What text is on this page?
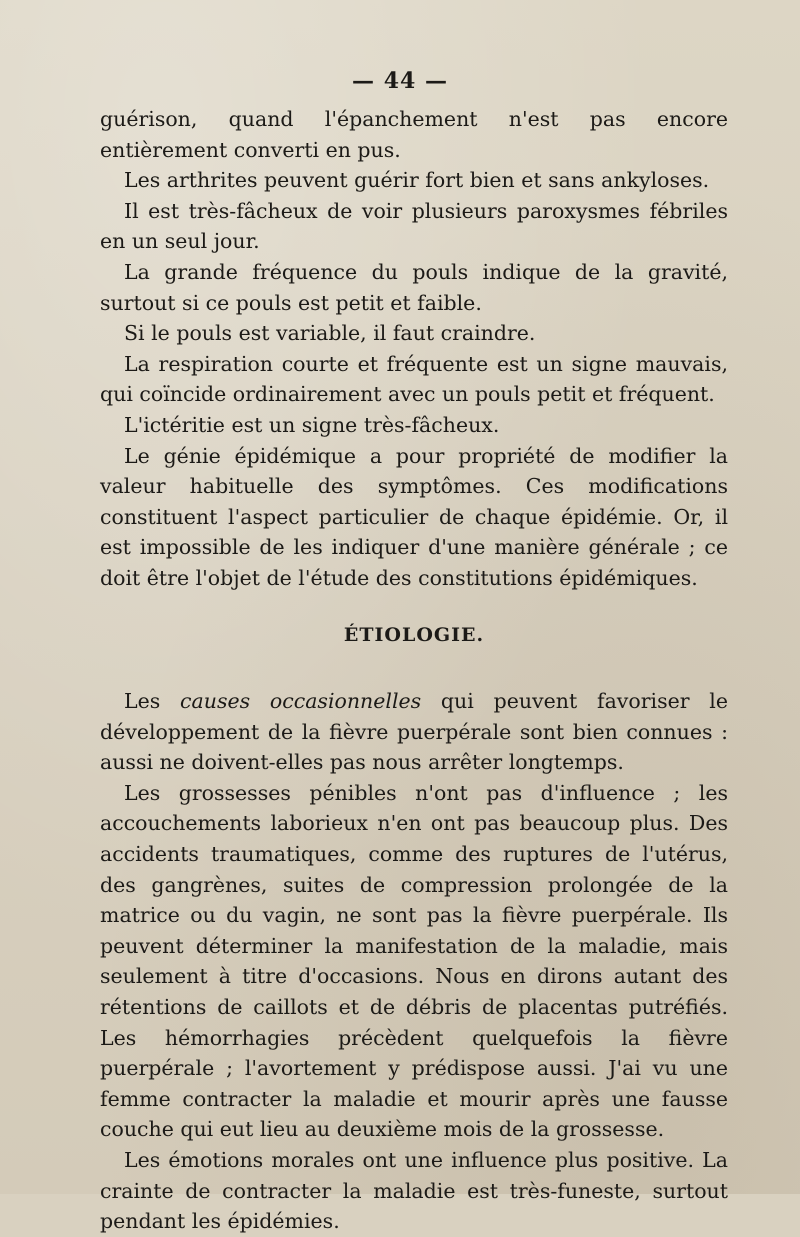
— 44 —

guérison, quand l'épanchement n'est pas encore entièrement converti en pus.

Les arthrites peuvent guérir fort bien et sans ankyloses.

Il est très-fâcheux de voir plusieurs paroxysmes fébriles en un seul jour.

La grande fréquence du pouls indique de la gravité, surtout si ce pouls est petit et faible.

Si le pouls est variable, il faut craindre.

La respiration courte et fréquente est un signe mauvais, qui coïncide ordinairement avec un pouls petit et fréquent.

L'ictéritie est un signe très-fâcheux.

Le génie épidémique a pour propriété de modifier la valeur habituelle des symptômes. Ces modifications constituent l'aspect particulier de chaque épidémie. Or, il est impossible de les indiquer d'une manière générale ; ce doit être l'objet de l'étude des constitutions épidémiques.

ÉTIOLOGIE.

Les causes occasionnelles qui peuvent favoriser le développement de la fièvre puerpérale sont bien connues : aussi ne doivent-elles pas nous arrêter longtemps.

Les grossesses pénibles n'ont pas d'influence ; les accouchements laborieux n'en ont pas beaucoup plus. Des accidents traumatiques, comme des ruptures de l'utérus, des gangrènes, suites de compression prolongée de la matrice ou du vagin, ne sont pas la fièvre puerpérale. Ils peuvent déterminer la manifestation de la maladie, mais seulement à titre d'occasions. Nous en dirons autant des rétentions de caillots et de débris de placentas putréfiés. Les hémorrhagies précèdent quelquefois la fièvre puerpérale ; l'avortement y prédispose aussi. J'ai vu une femme contracter la maladie et mourir après une fausse couche qui eut lieu au deuxième mois de la grossesse.

Les émotions morales ont une influence plus positive. La crainte de contracter la maladie est très-funeste, surtout pendant les épidémies.
